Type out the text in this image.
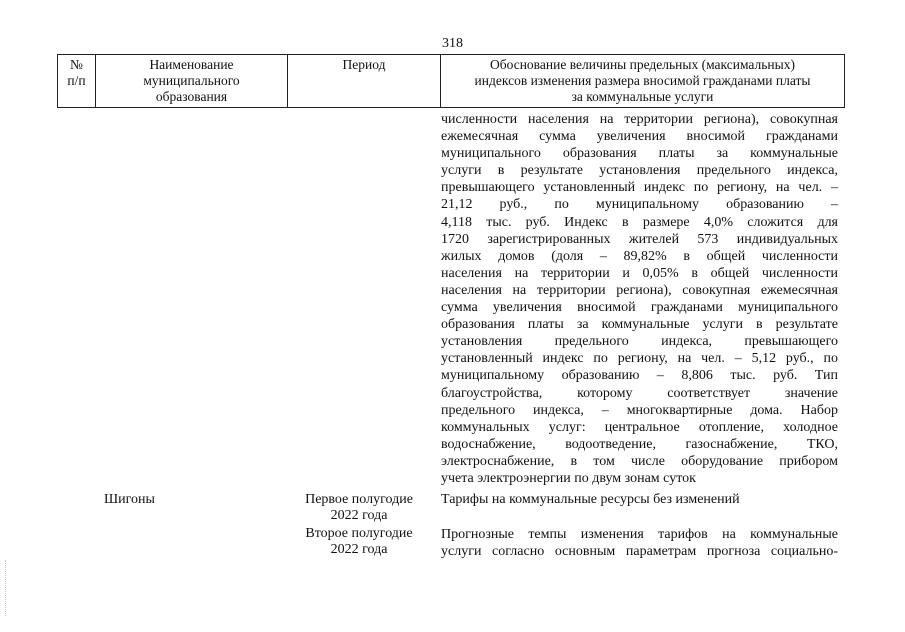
318
№
п/п
Наименование
муниципального
образования
Период	Обоснование величины предельных (максимальных)
индексов изменения размера вносимой гражданами платы
за коммунальные услуги
численности населения на территории региона), совокупная
ежемесячная сумма увеличения вносимой гражданами
муниципального образования платы за коммунальные
услуги в результате установления предельного индекса,
превышающего установленный индекс по региону, на чел. –
21,12 руб., по муниципальному образованию –
4,118 тыс. руб. Индекс в размере 4,0% сложится для
1720 зарегистрированных жителей 573 индивидуальных
жилых домов (доля – 89,82% в общей численности
населения на территории и 0,05% в общей численности
населения на территории региона), совокупная ежемесячная
сумма увеличения вносимой гражданами муниципального
образования платы за коммунальные услуги в результате
установления предельного индекса, превышающего
установленный индекс по региону, на чел. – 5,12 руб., по
муниципальному образованию – 8,806 тыс. руб. Тип
благоустройства, которому соответствует значение
предельного индекса, – многоквартирные дома. Набор
коммунальных услуг: центральное отопление, холодное
водоснабжение, водоотведение, газоснабжение, ТКО,
электроснабжение, в том числе оборудование прибором
учета электроэнергии по двум зонам суток
Шигоны	Первое полугодие
2022 года
Второе полугодие
2022 года
Тарифы на коммунальные ресурсы без изменений
Прогнозные темпы изменения тарифов на коммунальные
услуги согласно основным параметрам прогноза социально-
